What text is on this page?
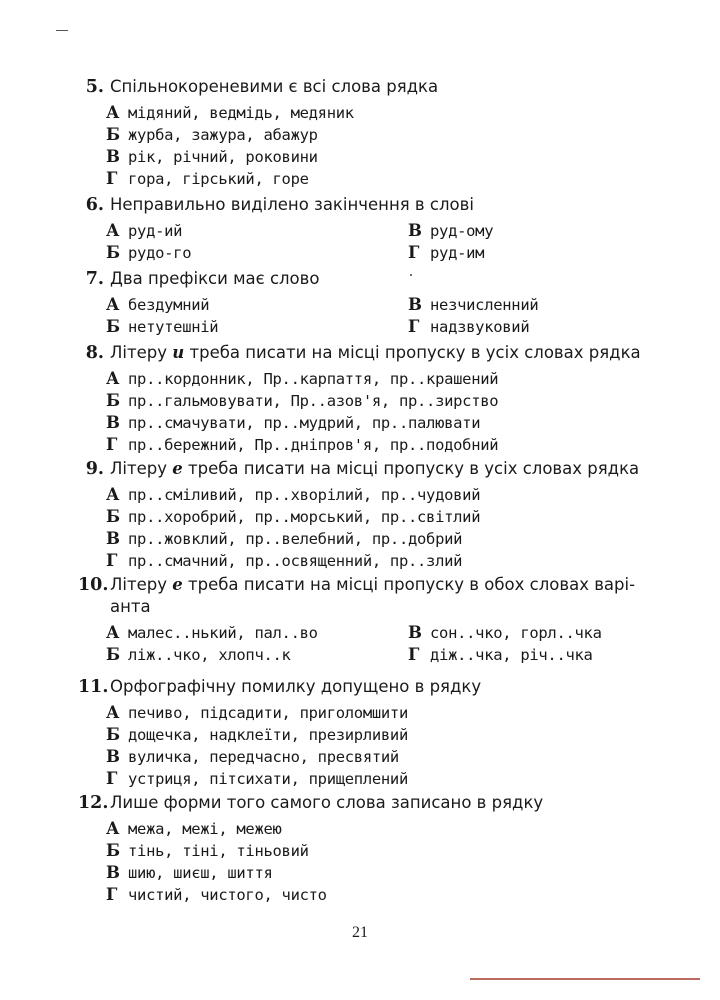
5. Спільнокореневими є всі слова рядка
А мідяний, ведмідь, медяник
Б журба, зажура, абажур
В рік, річний, роковини
Г гора, гірський, горе
6. Неправильно виділено закінчення в слові
А руд-ий	В руд-ому
Б рудо-го	Г руд-им
7. Два префікси має слово
А бездумний	В незчисленний
Б нетутешній	Г надзвуковий
8. Літеру и треба писати на місці пропуску в усіх словах рядка
А пр..кордонник, Пр..карпаття, пр..крашений
Б пр..гальмовувати, Пр..азов'я, пр..зирство
В пр..смачувати, пр..мудрий, пр..палювати
Г пр..бережний, Пр..дніпров'я, пр..подобний
9. Літеру е треба писати на місці пропуску в усіх словах рядка
А пр..сміливий, пр..хворілий, пр..чудовий
Б пр..хоробрий, пр..морський, пр..світлий
В пр..жовклий, пр..велебний, пр..добрий
Г пр..смачний, пр..освященний, пр..злий
10. Літеру е треба писати на місці пропуску в обох словах варі-
анта
А малес..нький, пал..во	В сон..чко, горл..чка
Б ліж..чко, хлопч..к	Г діж..чка, річ..чка
11. Орфографічну помилку допущено в рядку
А печиво, підсадити, приголомшити
Б дощечка, надклеїти, презирливий
В вуличка, передчасно, пресвятий
Г устриця, пітсихати, прищеплений
12. Лише форми того самого слова записано в рядку
А межа, межі, межею
Б тінь, тіні, тіньовий
В шию, шиєш, шиття
Г чистий, чистого, чисто
21
